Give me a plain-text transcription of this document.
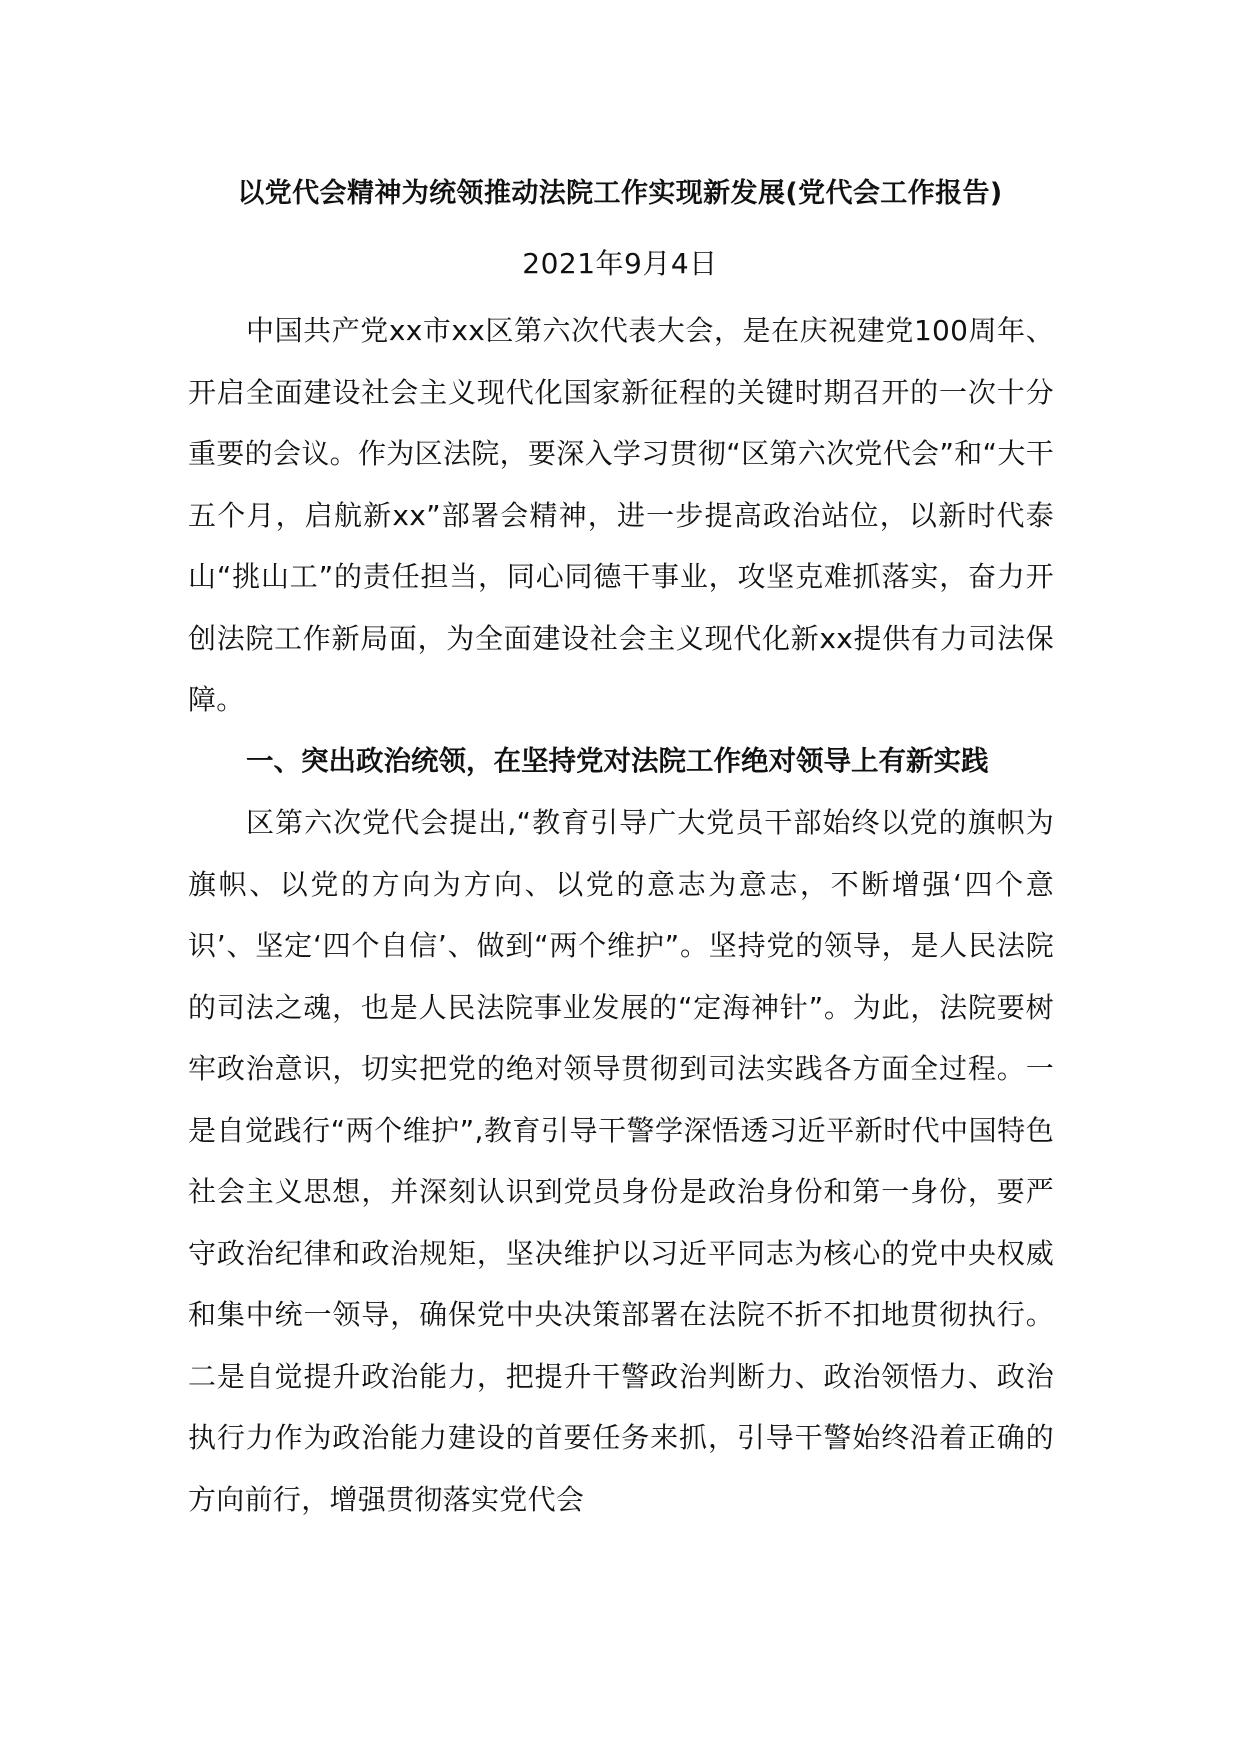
以党代会精神为统领推动法院工作实现新发展(党代会工作报告)
2021年9月4日

中国共产党xx市xx区第六次代表大会，是在庆祝建党100周年、开启全面建设社会主义现代化国家新征程的关键时期召开的一次十分重要的会议。作为区法院，要深入学习贯彻“区第六次党代会”和“大干五个月，启航新xx”部署会精神，进一步提高政治站位，以新时代泰山“挑山工”的责任担当，同心同德干事业，攻坚克难抓落实，奋力开创法院工作新局面，为全面建设社会主义现代化新xx提供有力司法保障。

一、突出政治统领，在坚持党对法院工作绝对领导上有新实践

区第六次党代会提出,“教育引导广大党员干部始终以党的旗帜为旗帜、以党的方向为方向、以党的意志为意志，不断增强‘四个意识’、坚定‘四个自信’、做到“两个维护”。坚持党的领导，是人民法院的司法之魂，也是人民法院事业发展的“定海神针”。为此，法院要树牢政治意识，切实把党的绝对领导贯彻到司法实践各方面全过程。一是自觉践行“两个维护”,教育引导干警学深悟透习近平新时代中国特色社会主义思想，并深刻认识到党员身份是政治身份和第一身份，要严守政治纪律和政治规矩，坚决维护以习近平同志为核心的党中央权威和集中统一领导，确保党中央决策部署在法院不折不扣地贯彻执行。二是自觉提升政治能力，把提升干警政治判断力、政治领悟力、政治执行力作为政治能力建设的首要任务来抓，引导干警始终沿着正确的方向前行，增强贯彻落实党代会
